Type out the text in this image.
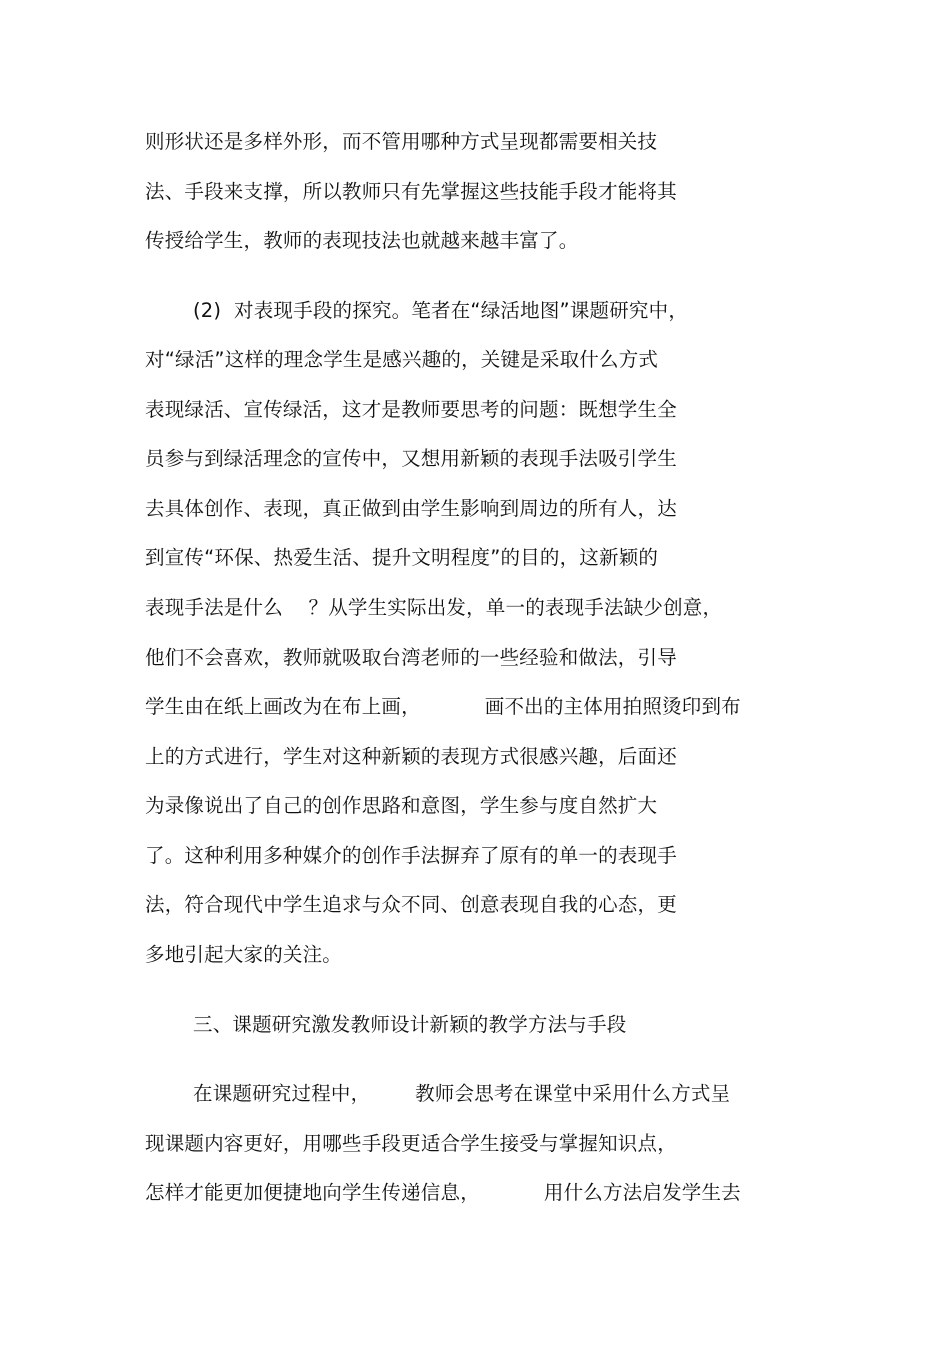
则形状还是多样外形，而不管用哪种方式呈现都需要相关技
法、手段来支撑，所以教师只有先掌握这些技能手段才能将其
传授给学生，教师的表现技法也就越来越丰富了。
(2)  对表现手段的探究。笔者在“绿活地图”课题研究中，
对“绿活”这样的理念学生是感兴趣的，关键是采取什么方式
表现绿活、宣传绿活，这才是教师要思考的问题：既想学生全
员参与到绿活理念的宣传中，又想用新颖的表现手法吸引学生
去具体创作、表现，真正做到由学生影响到周边的所有人，达
到宣传“环保、热爱生活、提升文明程度”的目的，这新颖的
表现手法是什么    ？从学生实际出发，单一的表现手法缺少创意，
他们不会喜欢，教师就吸取台湾老师的一些经验和做法，引导
学生由在纸上画改为在布上画，          画不出的主体用拍照烫印到布
上的方式进行，学生对这种新颖的表现方式很感兴趣，后面还
为录像说出了自己的创作思路和意图，学生参与度自然扩大
了。这种利用多种媒介的创作手法摒弃了原有的单一的表现手
法，符合现代中学生追求与众不同、创意表现自我的心态，更
多地引起大家的关注。
三、课题研究激发教师设计新颖的教学方法与手段
在课题研究过程中，       教师会思考在课堂中采用什么方式呈
现课题内容更好，用哪些手段更适合学生接受与掌握知识点，
怎样才能更加便捷地向学生传递信息，          用什么方法启发学生去
